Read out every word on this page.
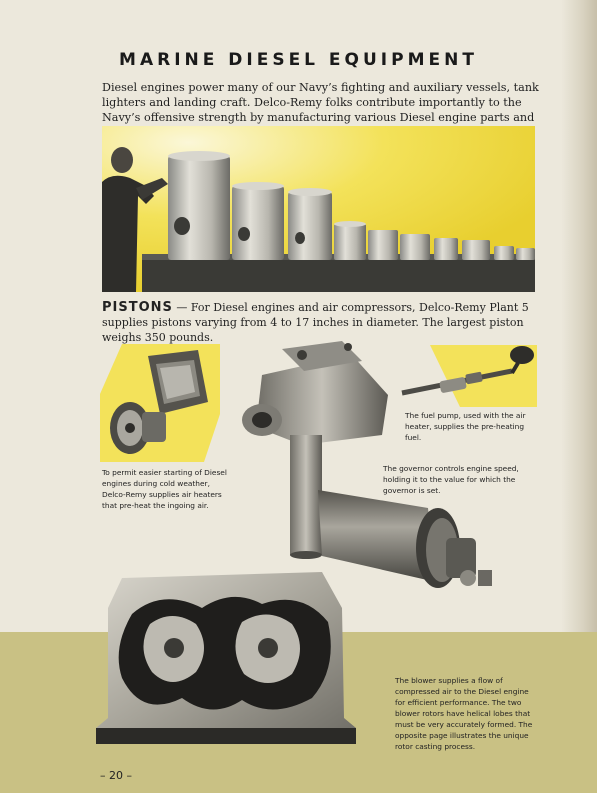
MARINE DIESEL EQUIPMENT
Diesel engines power many of our Navy’s fighting and auxiliary vessels, tank lighters and landing craft. Delco-Remy folks contribute importantly to the Navy’s offensive strength by manufacturing various Diesel engine parts and
PISTONS — For Diesel engines and air compressors, Delco-Remy Plant 5 supplies pistons varying from 4 to 17 inches in diameter. The largest piston weighs 350 pounds.
The fuel pump, used with the air heater, supplies the pre-heating fuel.
The governor controls engine speed, holding it to the value for which the governor is set.
To permit easier starting of Diesel engines during cold weather, Delco-Remy supplies air heaters that pre-heat the ingoing air.
The blower supplies a flow of compressed air to the Diesel engine for efficient performance. The two blower rotors have helical lobes that must be very accurately formed. The opposite page illustrates the unique rotor casting process.
– 20 –
